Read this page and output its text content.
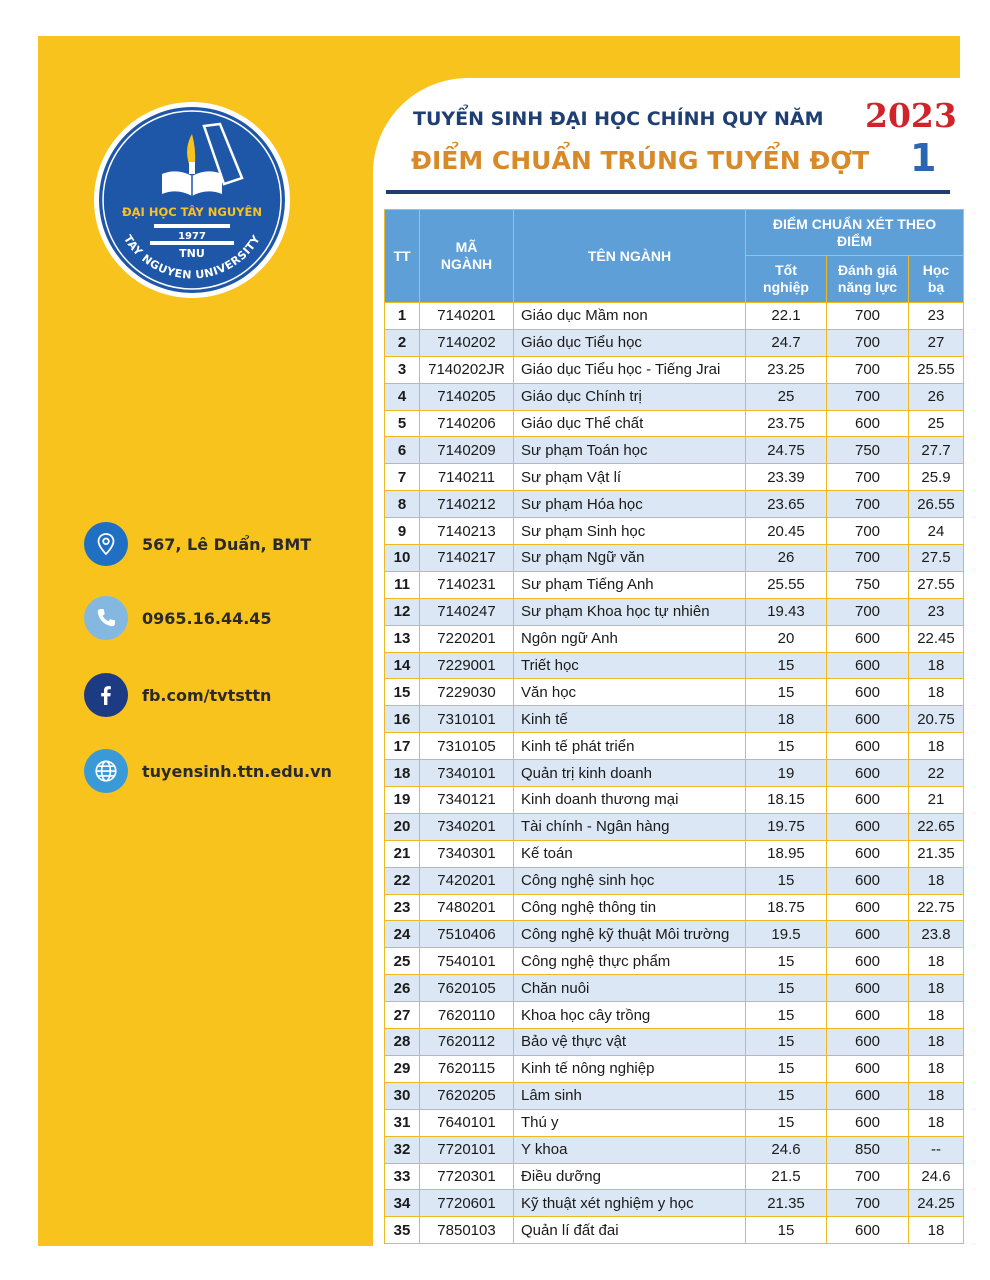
ĐẠI HỌC TÂY NGUYÊN
1977
TNU
TAY NGUYEN UNIVERSITY
567, Lê Duẩn, BMT
0965.16.44.45
fb.com/tvtsttn
tuyensinh.ttn.edu.vn
TUYỂN SINH ĐẠI HỌC CHÍNH QUY NĂM 2023
ĐIỂM CHUẨN TRÚNG TUYỂN ĐỢT 1
TT	MÃ NGÀNH	TÊN NGÀNH	ĐIỂM CHUẨN XÉT THEO ĐIỂM		
			Tốt nghiệp	Đánh giá năng lực	Học bạ
1	7140201	Giáo dục Mầm non	22.1	700	23
2	7140202	Giáo dục Tiểu học	24.7	700	27
3	7140202JR	Giáo dục Tiểu học - Tiếng Jrai	23.25	700	25.55
4	7140205	Giáo dục Chính trị	25	700	26
5	7140206	Giáo dục Thể chất	23.75	600	25
6	7140209	Sư phạm Toán học	24.75	750	27.7
7	7140211	Sư phạm Vật lí	23.39	700	25.9
8	7140212	Sư phạm Hóa học	23.65	700	26.55
9	7140213	Sư phạm Sinh học	20.45	700	24
10	7140217	Sư phạm Ngữ văn	26	700	27.5
11	7140231	Sư phạm Tiếng Anh	25.55	750	27.55
12	7140247	Sư phạm Khoa học tự nhiên	19.43	700	23
13	7220201	Ngôn ngữ Anh	20	600	22.45
14	7229001	Triết học	15	600	18
15	7229030	Văn học	15	600	18
16	7310101	Kinh tế	18	600	20.75
17	7310105	Kinh tế phát triển	15	600	18
18	7340101	Quản trị kinh doanh	19	600	22
19	7340121	Kinh doanh thương mại	18.15	600	21
20	7340201	Tài chính - Ngân hàng	19.75	600	22.65
21	7340301	Kế toán	18.95	600	21.35
22	7420201	Công nghệ sinh học	15	600	18
23	7480201	Công nghệ thông tin	18.75	600	22.75
24	7510406	Công nghệ kỹ thuật Môi trường	19.5	600	23.8
25	7540101	Công nghệ thực phẩm	15	600	18
26	7620105	Chăn nuôi	15	600	18
27	7620110	Khoa học cây trồng	15	600	18
28	7620112	Bảo vệ thực vật	15	600	18
29	7620115	Kinh tế nông nghiệp	15	600	18
30	7620205	Lâm sinh	15	600	18
31	7640101	Thú y	15	600	18
32	7720101	Y khoa	24.6	850	--
33	7720301	Điều dưỡng	21.5	700	24.6
34	7720601	Kỹ thuật xét nghiệm y học	21.35	700	24.25
35	7850103	Quản lí đất đai	15	600	18
